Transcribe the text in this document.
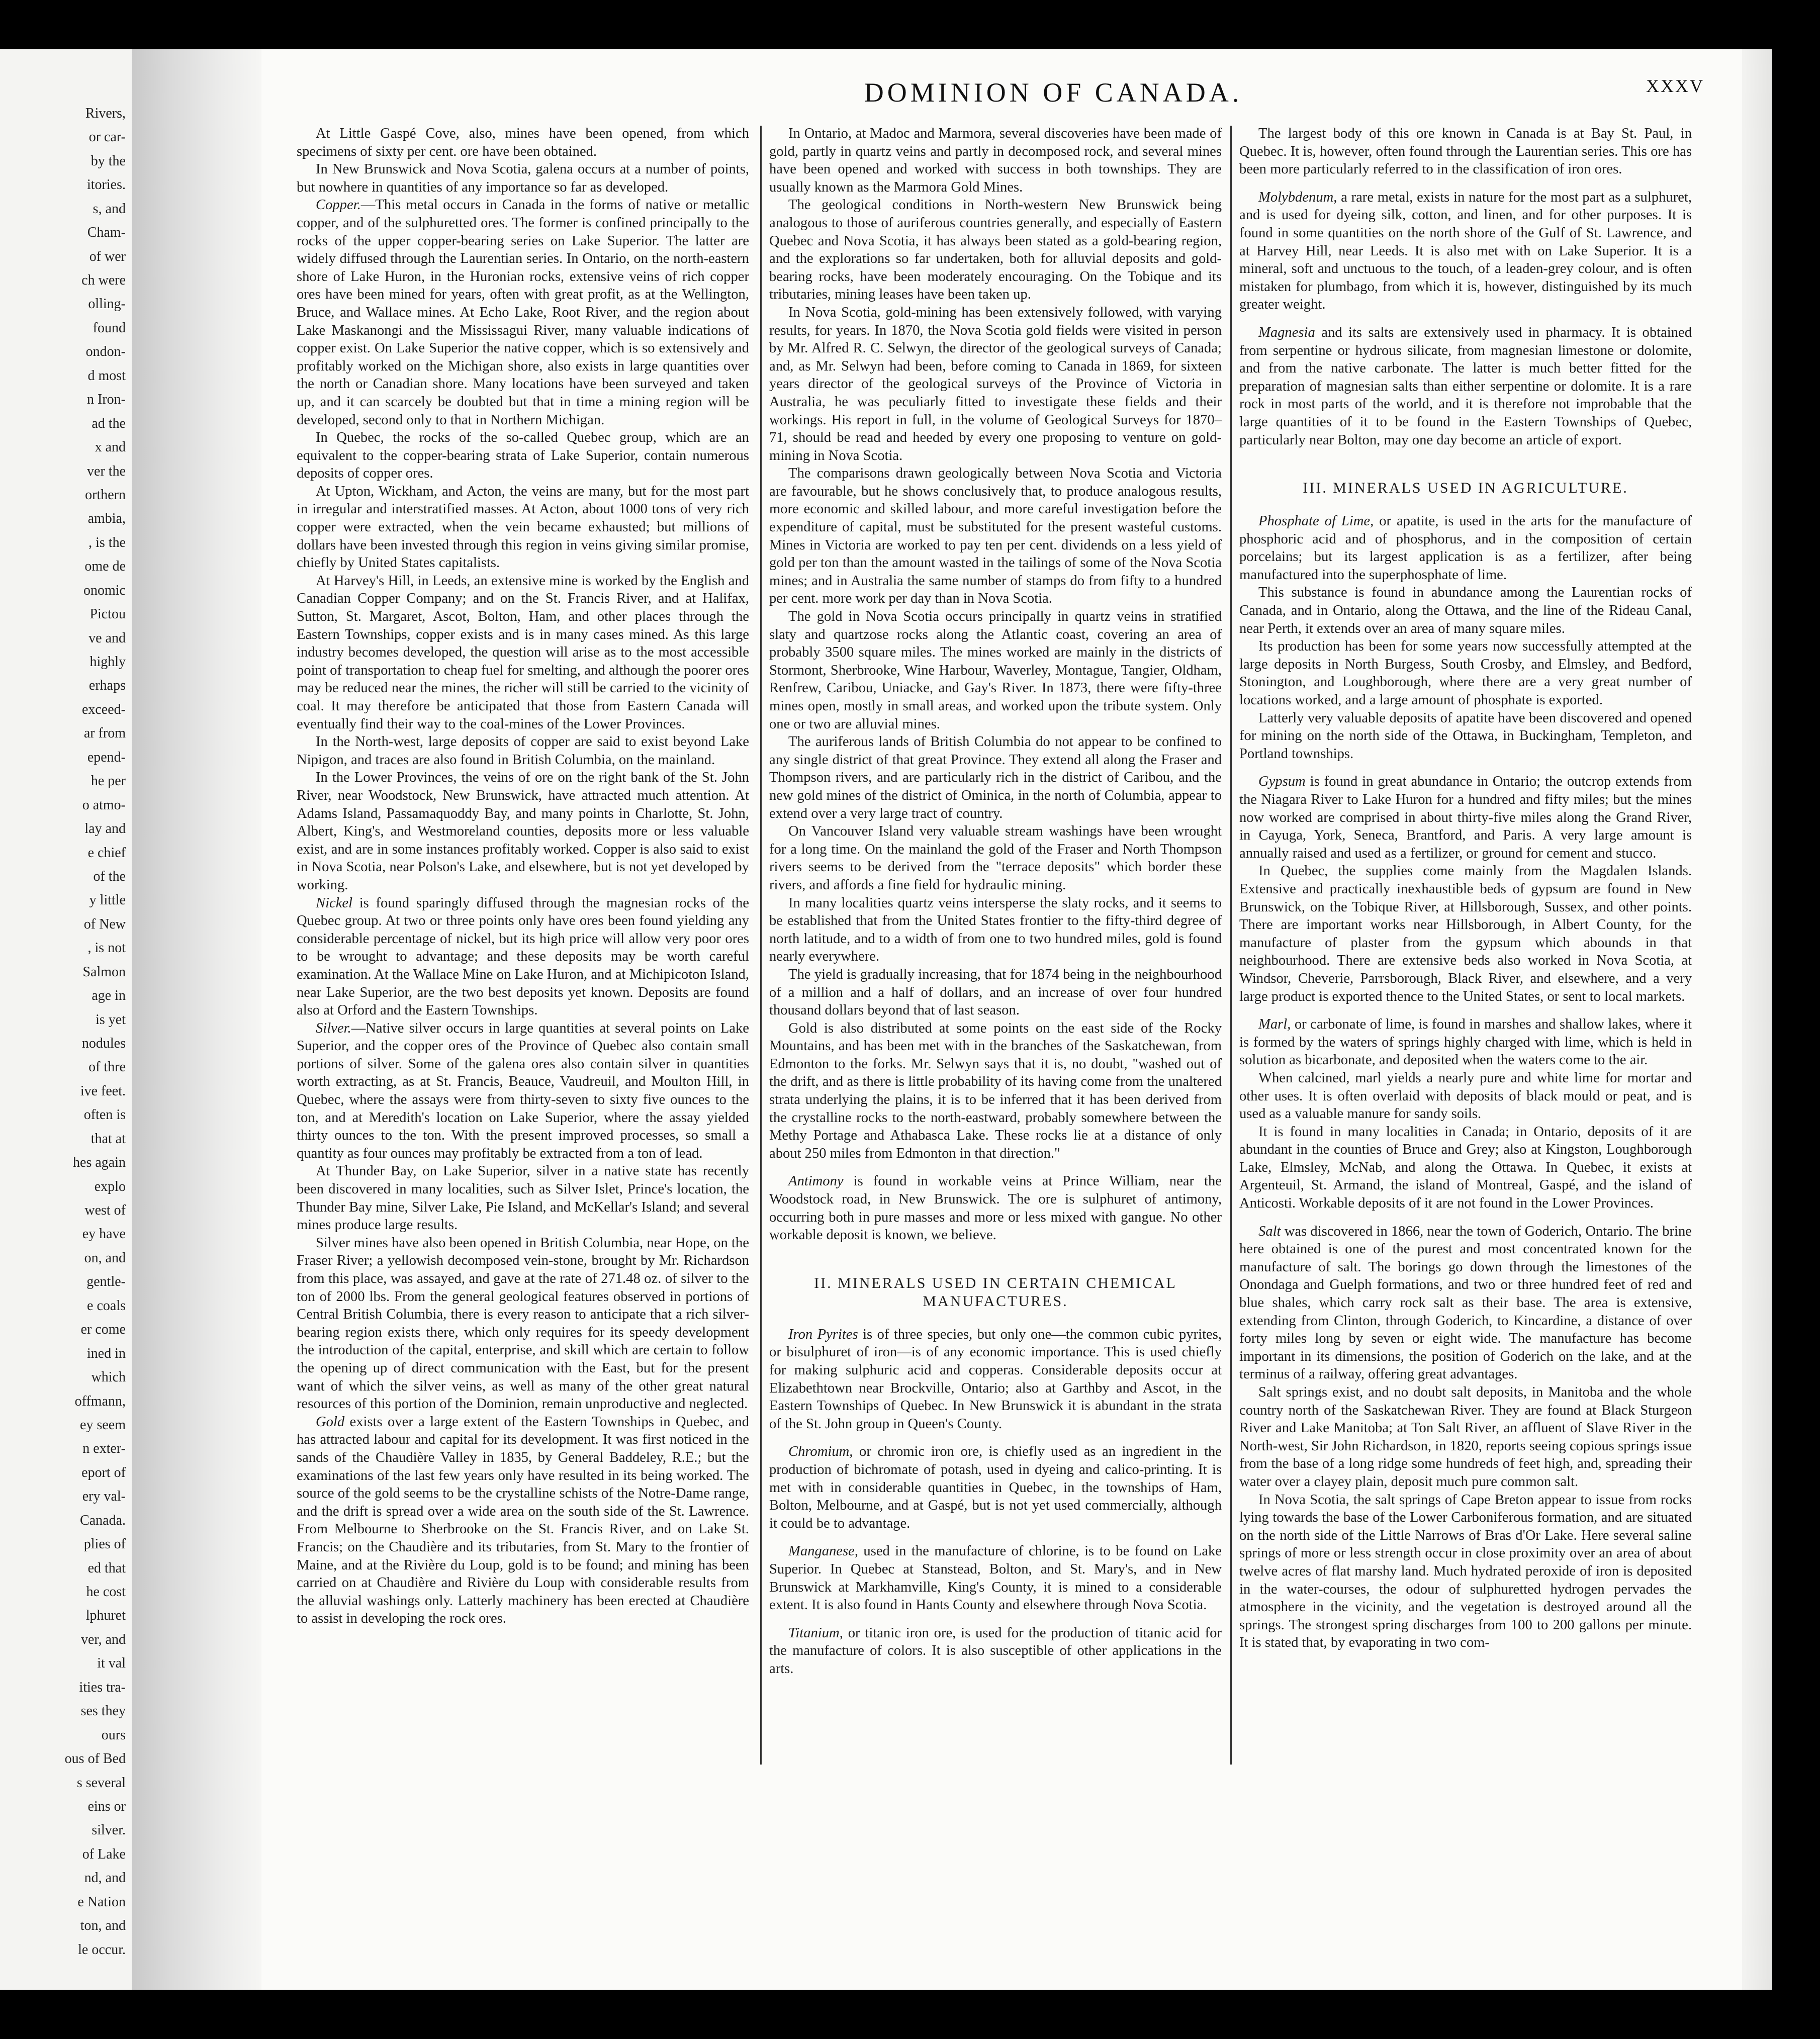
Rivers,
or car-
by the
itories.
s, and
Cham-
of wer
ch were
olling-
found
ondon-
d most
n Iron-
ad the
x and
ver the
orthern
ambia,
, is the
ome de
onomic
Pictou
ve and
highly
erhaps
exceed-
ar from
epend-
he per
o atmo-
lay and
e chief
of the
y little
of New
, is not
Salmon
age in
is yet
nodules
of thre
ive feet.
often is
that at
hes again
explo
west of
ey have
on, and
gentle-
e coals
er come
ined in
which
offmann,
ey seem
n exter-
eport of
ery val-
Canada.
plies of
ed that
he cost
lphuret
ver, and
it val
ities tra-
ses they
ours
ous of Bed
s several
eins or
silver.
of Lake
nd, and
e Nation
ton, and
le occur.
DOMINION OF CANADA.	XXXV

At Little Gaspé Cove, also, mines have been opened, from which specimens of sixty per cent. ore have been obtained.

In New Brunswick and Nova Scotia, galena occurs at a number of points, but nowhere in quantities of any importance so far as developed.

Copper.—This metal occurs in Canada in the forms of native or metallic copper, and of the sulphuretted ores. The former is confined principally to the rocks of the upper copper-bearing series on Lake Superior. The latter are widely diffused through the Laurentian series. In Ontario, on the north-eastern shore of Lake Huron, in the Huronian rocks, extensive veins of rich copper ores have been mined for years, often with great profit, as at the Wellington, Bruce, and Wallace mines. At Echo Lake, Root River, and the region about Lake Maskanongi and the Mississagui River, many valuable indications of copper exist. On Lake Superior the native copper, which is so extensively and profitably worked on the Michigan shore, also exists in large quantities over the north or Canadian shore. Many locations have been surveyed and taken up, and it can scarcely be doubted but that in time a mining region will be developed, second only to that in Northern Michigan.

In Quebec, the rocks of the so-called Quebec group, which are an equivalent to the copper-bearing strata of Lake Superior, contain numerous deposits of copper ores.

At Upton, Wickham, and Acton, the veins are many, but for the most part in irregular and interstratified masses. At Acton, about 1000 tons of very rich copper were extracted, when the vein became exhausted; but millions of dollars have been invested through this region in veins giving similar promise, chiefly by United States capitalists.

At Harvey's Hill, in Leeds, an extensive mine is worked by the English and Canadian Copper Company; and on the St. Francis River, and at Halifax, Sutton, St. Margaret, Ascot, Bolton, Ham, and other places through the Eastern Townships, copper exists and is in many cases mined. As this large industry becomes developed, the question will arise as to the most accessible point of transportation to cheap fuel for smelting, and although the poorer ores may be reduced near the mines, the richer will still be carried to the vicinity of coal. It may therefore be anticipated that those from Eastern Canada will eventually find their way to the coal-mines of the Lower Provinces.

In the North-west, large deposits of copper are said to exist beyond Lake Nipigon, and traces are also found in British Columbia, on the mainland.

In the Lower Provinces, the veins of ore on the right bank of the St. John River, near Woodstock, New Brunswick, have attracted much attention. At Adams Island, Passamaquoddy Bay, and many points in Charlotte, St. John, Albert, King's, and Westmoreland counties, deposits more or less valuable exist, and are in some instances profitably worked. Copper is also said to exist in Nova Scotia, near Polson's Lake, and elsewhere, but is not yet developed by working.

Nickel is found sparingly diffused through the magnesian rocks of the Quebec group. At two or three points only have ores been found yielding any considerable percentage of nickel, but its high price will allow very poor ores to be wrought to advantage; and these deposits may be worth careful examination. At the Wallace Mine on Lake Huron, and at Michipicoton Island, near Lake Superior, are the two best deposits yet known. Deposits are found also at Orford and the Eastern Townships.

Silver.—Native silver occurs in large quantities at several points on Lake Superior, and the copper ores of the Province of Quebec also contain small portions of silver. Some of the galena ores also contain silver in quantities worth extracting, as at St. Francis, Beauce, Vaudreuil, and Moulton Hill, in Quebec, where the assays were from thirty-seven to sixty five ounces to the ton, and at Meredith's location on Lake Superior, where the assay yielded thirty ounces to the ton. With the present improved processes, so small a quantity as four ounces may profitably be extracted from a ton of lead.

At Thunder Bay, on Lake Superior, silver in a native state has recently been discovered in many localities, such as Silver Islet, Prince's location, the Thunder Bay mine, Silver Lake, Pie Island, and McKellar's Island; and several mines produce large results.

Silver mines have also been opened in British Columbia, near Hope, on the Fraser River; a yellowish decomposed vein-stone, brought by Mr. Richardson from this place, was assayed, and gave at the rate of 271.48 oz. of silver to the ton of 2000 lbs. From the general geological features observed in portions of Central British Columbia, there is every reason to anticipate that a rich silver-bearing region exists there, which only requires for its speedy development the introduction of the capital, enterprise, and skill which are certain to follow the opening up of direct communication with the East, but for the present want of which the silver veins, as well as many of the other great natural resources of this portion of the Dominion, remain unproductive and neglected.

Gold exists over a large extent of the Eastern Townships in Quebec, and has attracted labour and capital for its development. It was first noticed in the sands of the Chaudière Valley in 1835, by General Baddeley, R.E.; but the examinations of the last few years only have resulted in its being worked. The source of the gold seems to be the crystalline schists of the Notre-Dame range, and the drift is spread over a wide area on the south side of the St. Lawrence. From Melbourne to Sherbrooke on the St. Francis River, and on Lake St. Francis; on the Chaudière and its tributaries, from St. Mary to the frontier of Maine, and at the Rivière du Loup, gold is to be found; and mining has been carried on at Chaudière and Rivière du Loup with considerable results from the alluvial washings only. Latterly machinery has been erected at Chaudière to assist in developing the rock ores.

In Ontario, at Madoc and Marmora, several discoveries have been made of gold, partly in quartz veins and partly in decomposed rock, and several mines have been opened and worked with success in both townships. They are usually known as the Marmora Gold Mines.

The geological conditions in North-western New Brunswick being analogous to those of auriferous countries generally, and especially of Eastern Quebec and Nova Scotia, it has always been stated as a gold-bearing region, and the explorations so far undertaken, both for alluvial deposits and gold-bearing rocks, have been moderately encouraging. On the Tobique and its tributaries, mining leases have been taken up.

In Nova Scotia, gold-mining has been extensively followed, with varying results, for years. In 1870, the Nova Scotia gold fields were visited in person by Mr. Alfred R. C. Selwyn, the director of the geological surveys of Canada; and, as Mr. Selwyn had been, before coming to Canada in 1869, for sixteen years director of the geological surveys of the Province of Victoria in Australia, he was peculiarly fitted to investigate these fields and their workings. His report in full, in the volume of Geological Surveys for 1870–71, should be read and heeded by every one proposing to venture on gold-mining in Nova Scotia.

The comparisons drawn geologically between Nova Scotia and Victoria are favourable, but he shows conclusively that, to produce analogous results, more economic and skilled labour, and more careful investigation before the expenditure of capital, must be substituted for the present wasteful customs. Mines in Victoria are worked to pay ten per cent. dividends on a less yield of gold per ton than the amount wasted in the tailings of some of the Nova Scotia mines; and in Australia the same number of stamps do from fifty to a hundred per cent. more work per day than in Nova Scotia.

The gold in Nova Scotia occurs principally in quartz veins in stratified slaty and quartzose rocks along the Atlantic coast, covering an area of probably 3500 square miles. The mines worked are mainly in the districts of Stormont, Sherbrooke, Wine Harbour, Waverley, Montague, Tangier, Oldham, Renfrew, Caribou, Uniacke, and Gay's River. In 1873, there were fifty-three mines open, mostly in small areas, and worked upon the tribute system. Only one or two are alluvial mines.

The auriferous lands of British Columbia do not appear to be confined to any single district of that great Province. They extend all along the Fraser and Thompson rivers, and are particularly rich in the district of Caribou, and the new gold mines of the district of Ominica, in the north of Columbia, appear to extend over a very large tract of country.

On Vancouver Island very valuable stream washings have been wrought for a long time. On the mainland the gold of the Fraser and North Thompson rivers seems to be derived from the "terrace deposits" which border these rivers, and affords a fine field for hydraulic mining.

In many localities quartz veins intersperse the slaty rocks, and it seems to be established that from the United States frontier to the fifty-third degree of north latitude, and to a width of from one to two hundred miles, gold is found nearly everywhere.

The yield is gradually increasing, that for 1874 being in the neighbourhood of a million and a half of dollars, and an increase of over four hundred thousand dollars beyond that of last season.

Gold is also distributed at some points on the east side of the Rocky Mountains, and has been met with in the branches of the Saskatchewan, from Edmonton to the forks. Mr. Selwyn says that it is, no doubt, "washed out of the drift, and as there is little probability of its having come from the unaltered strata underlying the plains, it is to be inferred that it has been derived from the crystalline rocks to the north-eastward, probably somewhere between the Methy Portage and Athabasca Lake. These rocks lie at a distance of only about 250 miles from Edmonton in that direction."

Antimony is found in workable veins at Prince William, near the Woodstock road, in New Brunswick. The ore is sulphuret of antimony, occurring both in pure masses and more or less mixed with gangue. No other workable deposit is known, we believe.

II. MINERALS USED IN CERTAIN CHEMICAL MANUFACTURES.

Iron Pyrites is of three species, but only one—the common cubic pyrites, or bisulphuret of iron—is of any economic importance. This is used chiefly for making sulphuric acid and copperas. Considerable deposits occur at Elizabethtown near Brockville, Ontario; also at Garthby and Ascot, in the Eastern Townships of Quebec. In New Brunswick it is abundant in the strata of the St. John group in Queen's County.

Chromium, or chromic iron ore, is chiefly used as an ingredient in the production of bichromate of potash, used in dyeing and calico-printing. It is met with in considerable quantities in Quebec, in the townships of Ham, Bolton, Melbourne, and at Gaspé, but is not yet used commercially, although it could be to advantage.

Manganese, used in the manufacture of chlorine, is to be found on Lake Superior. In Quebec at Stanstead, Bolton, and St. Mary's, and in New Brunswick at Markhamville, King's County, it is mined to a considerable extent. It is also found in Hants County and elsewhere through Nova Scotia.

Titanium, or titanic iron ore, is used for the production of titanic acid for the manufacture of colors. It is also susceptible of other applications in the arts.

The largest body of this ore known in Canada is at Bay St. Paul, in Quebec. It is, however, often found through the Laurentian series. This ore has been more particularly referred to in the classification of iron ores.

Molybdenum, a rare metal, exists in nature for the most part as a sulphuret, and is used for dyeing silk, cotton, and linen, and for other purposes. It is found in some quantities on the north shore of the Gulf of St. Lawrence, and at Harvey Hill, near Leeds. It is also met with on Lake Superior. It is a mineral, soft and unctuous to the touch, of a leaden-grey colour, and is often mistaken for plumbago, from which it is, however, distinguished by its much greater weight.

Magnesia and its salts are extensively used in pharmacy. It is obtained from serpentine or hydrous silicate, from magnesian limestone or dolomite, and from the native carbonate. The latter is much better fitted for the preparation of magnesian salts than either serpentine or dolomite. It is a rare rock in most parts of the world, and it is therefore not improbable that the large quantities of it to be found in the Eastern Townships of Quebec, particularly near Bolton, may one day become an article of export.

III. MINERALS USED IN AGRICULTURE.

Phosphate of Lime, or apatite, is used in the arts for the manufacture of phosphoric acid and of phosphorus, and in the composition of certain porcelains; but its largest application is as a fertilizer, after being manufactured into the superphosphate of lime.

This substance is found in abundance among the Laurentian rocks of Canada, and in Ontario, along the Ottawa, and the line of the Rideau Canal, near Perth, it extends over an area of many square miles.

Its production has been for some years now successfully attempted at the large deposits in North Burgess, South Crosby, and Elmsley, and Bedford, Stonington, and Loughborough, where there are a very great number of locations worked, and a large amount of phosphate is exported.

Latterly very valuable deposits of apatite have been discovered and opened for mining on the north side of the Ottawa, in Buckingham, Templeton, and Portland townships.

Gypsum is found in great abundance in Ontario; the outcrop extends from the Niagara River to Lake Huron for a hundred and fifty miles; but the mines now worked are comprised in about thirty-five miles along the Grand River, in Cayuga, York, Seneca, Brantford, and Paris. A very large amount is annually raised and used as a fertilizer, or ground for cement and stucco.

In Quebec, the supplies come mainly from the Magdalen Islands. Extensive and practically inexhaustible beds of gypsum are found in New Brunswick, on the Tobique River, at Hillsborough, Sussex, and other points. There are important works near Hillsborough, in Albert County, for the manufacture of plaster from the gypsum which abounds in that neighbourhood. There are extensive beds also worked in Nova Scotia, at Windsor, Cheverie, Parrsborough, Black River, and elsewhere, and a very large product is exported thence to the United States, or sent to local markets.

Marl, or carbonate of lime, is found in marshes and shallow lakes, where it is formed by the waters of springs highly charged with lime, which is held in solution as bicarbonate, and deposited when the waters come to the air.

When calcined, marl yields a nearly pure and white lime for mortar and other uses. It is often overlaid with deposits of black mould or peat, and is used as a valuable manure for sandy soils.

It is found in many localities in Canada; in Ontario, deposits of it are abundant in the counties of Bruce and Grey; also at Kingston, Loughborough Lake, Elmsley, McNab, and along the Ottawa. In Quebec, it exists at Argenteuil, St. Armand, the island of Montreal, Gaspé, and the island of Anticosti. Workable deposits of it are not found in the Lower Provinces.

Salt was discovered in 1866, near the town of Goderich, Ontario. The brine here obtained is one of the purest and most concentrated known for the manufacture of salt. The borings go down through the limestones of the Onondaga and Guelph formations, and two or three hundred feet of red and blue shales, which carry rock salt as their base. The area is extensive, extending from Clinton, through Goderich, to Kincardine, a distance of over forty miles long by seven or eight wide. The manufacture has become important in its dimensions, the position of Goderich on the lake, and at the terminus of a railway, offering great advantages.

Salt springs exist, and no doubt salt deposits, in Manitoba and the whole country north of the Saskatchewan River. They are found at Black Sturgeon River and Lake Manitoba; at Ton Salt River, an affluent of Slave River in the North-west, Sir John Richardson, in 1820, reports seeing copious springs issue from the base of a long ridge some hundreds of feet high, and, spreading their water over a clayey plain, deposit much pure common salt.

In Nova Scotia, the salt springs of Cape Breton appear to issue from rocks lying towards the base of the Lower Carboniferous formation, and are situated on the north side of the Little Narrows of Bras d'Or Lake. Here several saline springs of more or less strength occur in close proximity over an area of about twelve acres of flat marshy land. Much hydrated peroxide of iron is deposited in the water-courses, the odour of sulphuretted hydrogen pervades the atmosphere in the vicinity, and the vegetation is destroyed around all the springs. The strongest spring discharges from 100 to 200 gallons per minute. It is stated that, by evaporating in two com-
